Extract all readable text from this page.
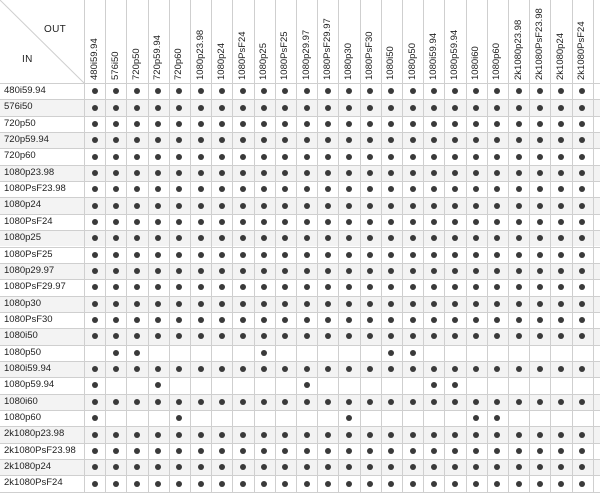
OUT
IN	480i59.94 576i50 720p50 720p59.94 720p60 1080p23.98 1080p24 1080PsF24 1080p25 1080PsF25 1080p29.97 1080PsF29.97 1080p30 1080PsF30 1080i50 1080p50 1080i59.94 1080p59.94 1080i60 1080p60 2k1080p23.98 2k1080PsF23.98 2k1080p24 2k1080PsF24
480i59.94
576i50
720p50
720p59.94
720p60
1080p23.98
1080PsF23.98
1080p24
1080PsF24
1080p25
1080PsF25
1080p29.97
1080PsF29.97
1080p30
1080PsF30
1080i50
1080p50
1080i59.94
1080p59.94
1080i60
1080p60
2k1080p23.98
2k1080PsF23.98
2k1080p24
2k1080PsF24
